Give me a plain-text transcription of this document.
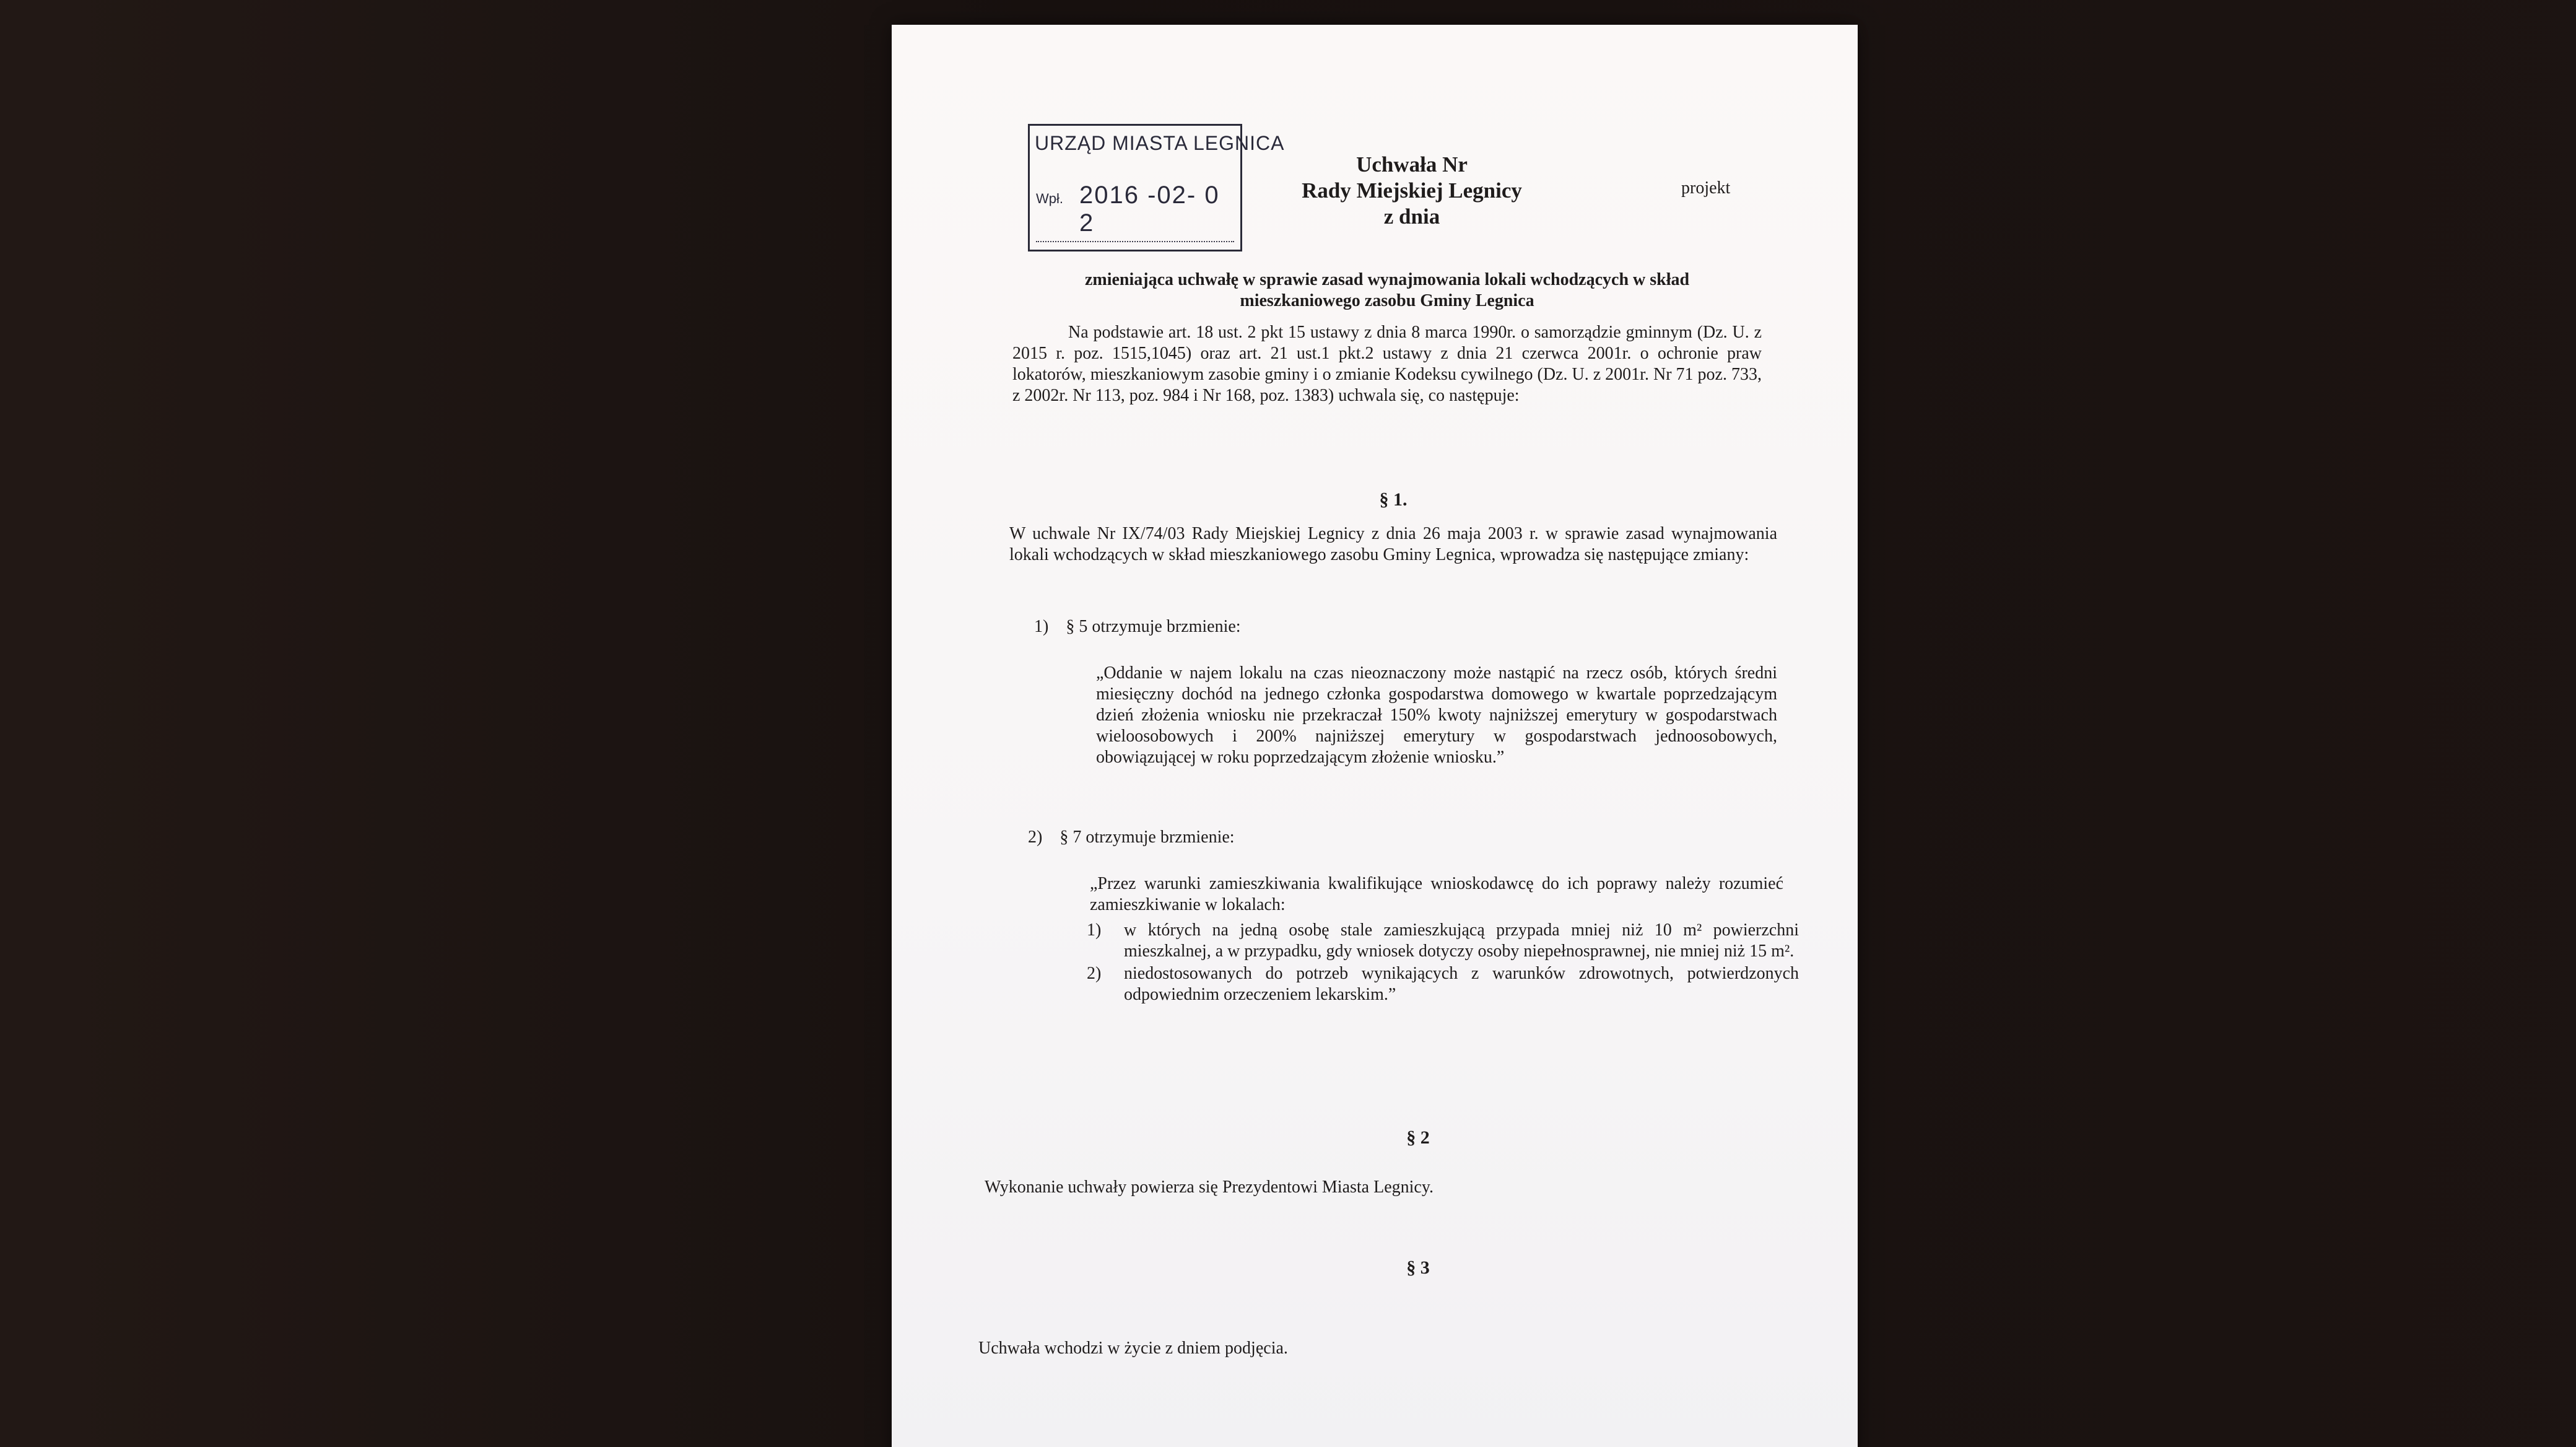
URZĄD MIASTA LEGNICA
Wpł. 2016 -02- 0 2
Uchwała Nr
Rady Miejskiej Legnicy
z dnia
projekt
zmieniająca uchwałę w sprawie zasad wynajmowania lokali wchodzących w skład
mieszkaniowego zasobu Gminy Legnica
Na podstawie art. 18 ust. 2 pkt 15 ustawy z dnia 8 marca 1990r. o samorządzie gminnym (Dz. U. z 2015 r. poz. 1515,1045) oraz art. 21 ust.1 pkt.2 ustawy z dnia 21 czerwca 2001r. o ochronie praw lokatorów, mieszkaniowym zasobie gminy i o zmianie Kodeksu cywilnego (Dz. U. z 2001r. Nr 71 poz. 733, z 2002r. Nr 113, poz. 984 i Nr 168, poz. 1383) uchwala się, co następuje:
§ 1.
W uchwale Nr IX/74/03 Rady Miejskiej Legnicy z dnia 26 maja 2003 r. w sprawie zasad wynajmowania lokali wchodzących w skład mieszkaniowego zasobu Gminy Legnica, wprowadza się następujące zmiany:
1)    § 5 otrzymuje brzmienie:
„Oddanie w najem lokalu na czas nieoznaczony może nastąpić na rzecz osób, których średni miesięczny dochód na jednego członka gospodarstwa domowego w kwartale poprzedzającym dzień złożenia wniosku nie przekraczał 150% kwoty najniższej emerytury w gospodarstwach wieloosobowych i 200% najniższej emerytury w gospodarstwach jednoosobowych, obowiązującej w roku poprzedzającym złożenie wniosku.”
2)    § 7 otrzymuje brzmienie:
„Przez warunki zamieszkiwania kwalifikujące wnioskodawcę do ich poprawy należy rozumieć zamieszkiwanie w lokalach:
1)	w których na jedną osobę stale zamieszkującą przypada mniej niż 10 m² powierzchni mieszkalnej, a w przypadku, gdy wniosek dotyczy osoby niepełnosprawnej, nie mniej niż 15 m².
2)	niedostosowanych do potrzeb wynikających z warunków zdrowotnych, potwierdzonych odpowiednim orzeczeniem lekarskim.”
§ 2
Wykonanie uchwały powierza się Prezydentowi Miasta Legnicy.
§ 3
Uchwała wchodzi w życie z dniem podjęcia.
